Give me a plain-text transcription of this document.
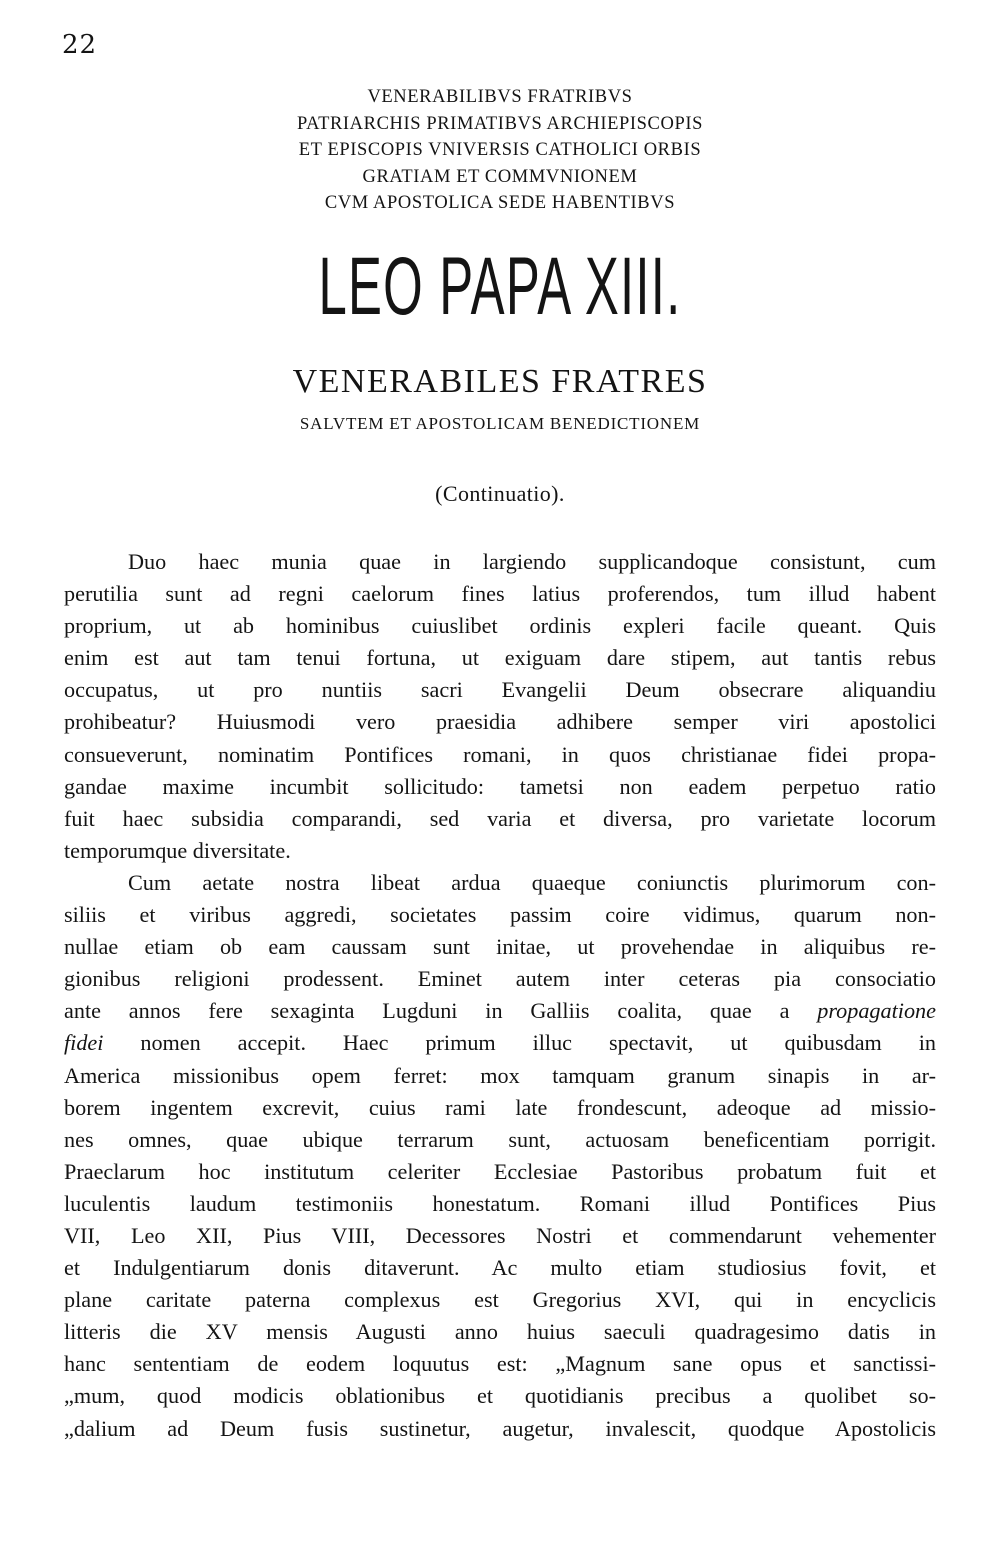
22
VENERABILIBVS FRATRIBVS
PATRIARCHIS PRIMATIBVS ARCHIEPISCOPIS
ET EPISCOPIS VNIVERSIS CATHOLICI ORBIS
GRATIAM ET COMMVNIONEM
CVM APOSTOLICA SEDE HABENTIBVS
LEO PAPA XIII.
VENERABILES FRATRES
SALVTEM ET APOSTOLICAM BENEDICTIONEM
(Continuatio).
Duo haec munia quae in largiendo supplicandoque consistunt, cum
perutilia sunt ad regni caelorum fines latius proferendos, tum illud habent
proprium, ut ab hominibus cuiuslibet ordinis expleri facile queant. Quis
enim est aut tam tenui fortuna, ut exiguam dare stipem, aut tantis rebus
occupatus, ut pro nuntiis sacri Evangelii Deum obsecrare aliquandiu
prohibeatur? Huiusmodi vero praesidia adhibere semper viri apostolici
consueverunt, nominatim Pontifices romani, in quos christianae fidei propa-
gandae maxime incumbit sollicitudo: tametsi non eadem perpetuo ratio
fuit haec subsidia comparandi, sed varia et diversa, pro varietate locorum
temporumque diversitate.
Cum aetate nostra libeat ardua quaeque coniunctis plurimorum con-
siliis et viribus aggredi, societates passim coire vidimus, quarum non-
nullae etiam ob eam caussam sunt initae, ut provehendae in aliquibus re-
gionibus religioni prodessent. Eminet autem inter ceteras pia consociatio
ante annos fere sexaginta Lugduni in Galliis coalita, quae a propagatione
fidei nomen accepit. Haec primum illuc spectavit, ut quibusdam in
America missionibus opem ferret: mox tamquam granum sinapis in ar-
borem ingentem excrevit, cuius rami late frondescunt, adeoque ad missio-
nes omnes, quae ubique terrarum sunt, actuosam beneficentiam porrigit.
Praeclarum hoc institutum celeriter Ecclesiae Pastoribus probatum fuit et
luculentis laudum testimoniis honestatum. Romani illud Pontifices Pius
VII, Leo XII, Pius VIII, Decessores Nostri et commendarunt vehementer
et Indulgentiarum donis ditaverunt. Ac multo etiam studiosius fovit, et
plane caritate paterna complexus est Gregorius XVI, qui in encyclicis
litteris die XV mensis Augusti anno huius saeculi quadragesimo datis in
hanc sententiam de eodem loquutus est: „Magnum sane opus et sanctissi-
„mum, quod modicis oblationibus et quotidianis precibus a quolibet so-
„dalium ad Deum fusis sustinetur, augetur, invalescit, quodque Apostolicis
